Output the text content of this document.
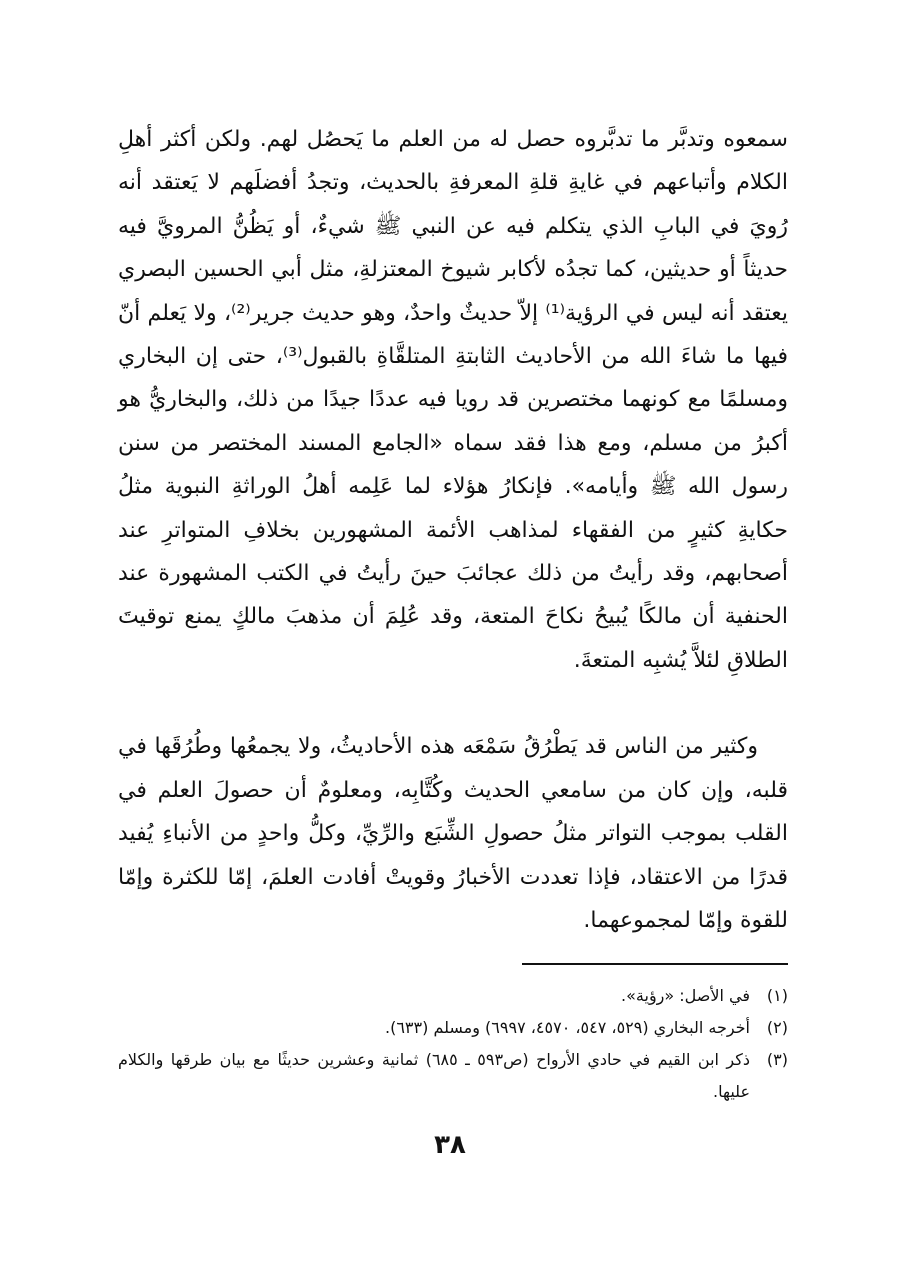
سمعوه وتدبَّر ما تدبَّروه حصل له من العلم ما يَحصُل لهم. ولكن أكثر أهلِ الكلام وأتباعهم في غايةِ قلةِ المعرفةِ بالحديث، وتجدُ أفضلَهم لا يَعتقد أنه رُويَ في البابِ الذي يتكلم فيه عن النبي ﷺ شيءٌ، أو يَظُنُّ المرويَّ فيه حديثاً أو حديثين، كما تجدُه لأكابر شيوخ المعتزلةِ، مثل أبي الحسين البصري يعتقد أنه ليس في الرؤية⁽¹⁾ إلاّ حديثٌ واحدٌ، وهو حديث جرير⁽²⁾، ولا يَعلم أنّ فيها ما شاءَ الله من الأحاديث الثابتةِ المتلقَّاةِ بالقبول⁽³⁾، حتى إن البخاري ومسلمًا مع كونهما مختصرين قد رويا فيه عددًا جيدًا من ذلك، والبخاريُّ هو أكبرُ من مسلم، ومع هذا فقد سماه «الجامع المسند المختصر من سنن رسول الله ﷺ وأيامه». فإنكارُ هؤلاء لما عَلِمه أهلُ الوراثةِ النبوية مثلُ حكايةِ كثيرٍ من الفقهاء لمذاهب الأئمة المشهورين بخلافِ المتواترِ عند أصحابهم، وقد رأيتُ من ذلك عجائبَ حينَ رأيتُ في الكتب المشهورة عند الحنفية أن مالكًا يُبيحُ نكاحَ المتعة، وقد عُلِمَ أن مذهبَ مالكٍ يمنع توقيتَ الطلاقِ لئلاَّ يُشبِه المتعةَ.

وكثير من الناس قد يَطْرُقُ سَمْعَه هذه الأحاديثُ، ولا يجمعُها وطُرُقَها في قلبه، وإن كان من سامعي الحديث وكُتَّابِه، ومعلومٌ أن حصولَ العلم في القلب بموجب التواتر مثلُ حصولِ الشِّبَع والرِّيِّ، وكلُّ واحدٍ من الأنباءِ يُفيد قدرًا من الاعتقاد، فإذا تعددت الأخبارُ وقويتْ أفادت العلمَ، إمّا للكثرة وإمّا للقوة وإمّا لمجموعهما.

(١)
في الأصل: «رؤية».
(٢)
أخرجه البخاري (٥٢٩، ٥٤٧، ٤٥٧٠، ٦٩٩٧) ومسلم (٦٣٣).
(٣)
ذكر ابن القيم في حادي الأرواح (ص٥٩٣ ـ ٦٨٥) ثمانية وعشرين حديثًا مع بيان طرقها والكلام عليها.
٣٨
